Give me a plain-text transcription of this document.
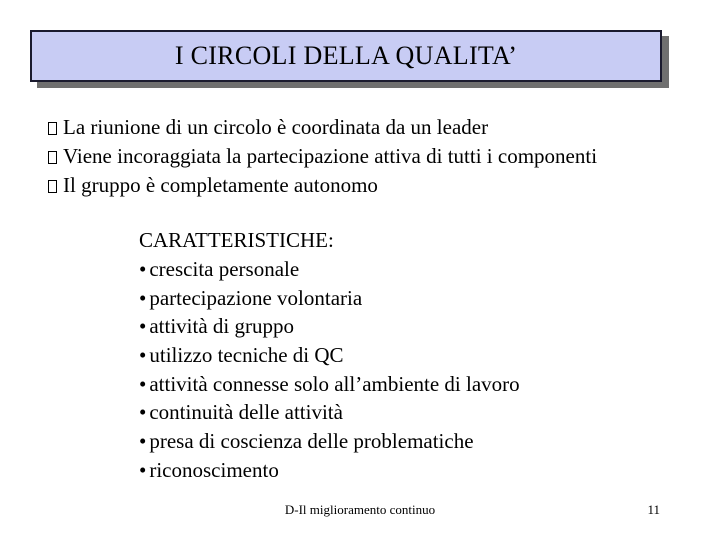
I CIRCOLI DELLA QUALITA’
La riunione di un circolo è coordinata da un leader
Viene incoraggiata la partecipazione attiva di tutti i componenti
Il gruppo è completamente autonomo
CARATTERISTICHE:
• crescita personale
• partecipazione volontaria
• attività di gruppo
• utilizzo tecniche di QC
• attività connesse solo all’ambiente di lavoro
• continuità delle attività
• presa di coscienza delle problematiche
• riconoscimento
D-Il miglioramento continuo	11
